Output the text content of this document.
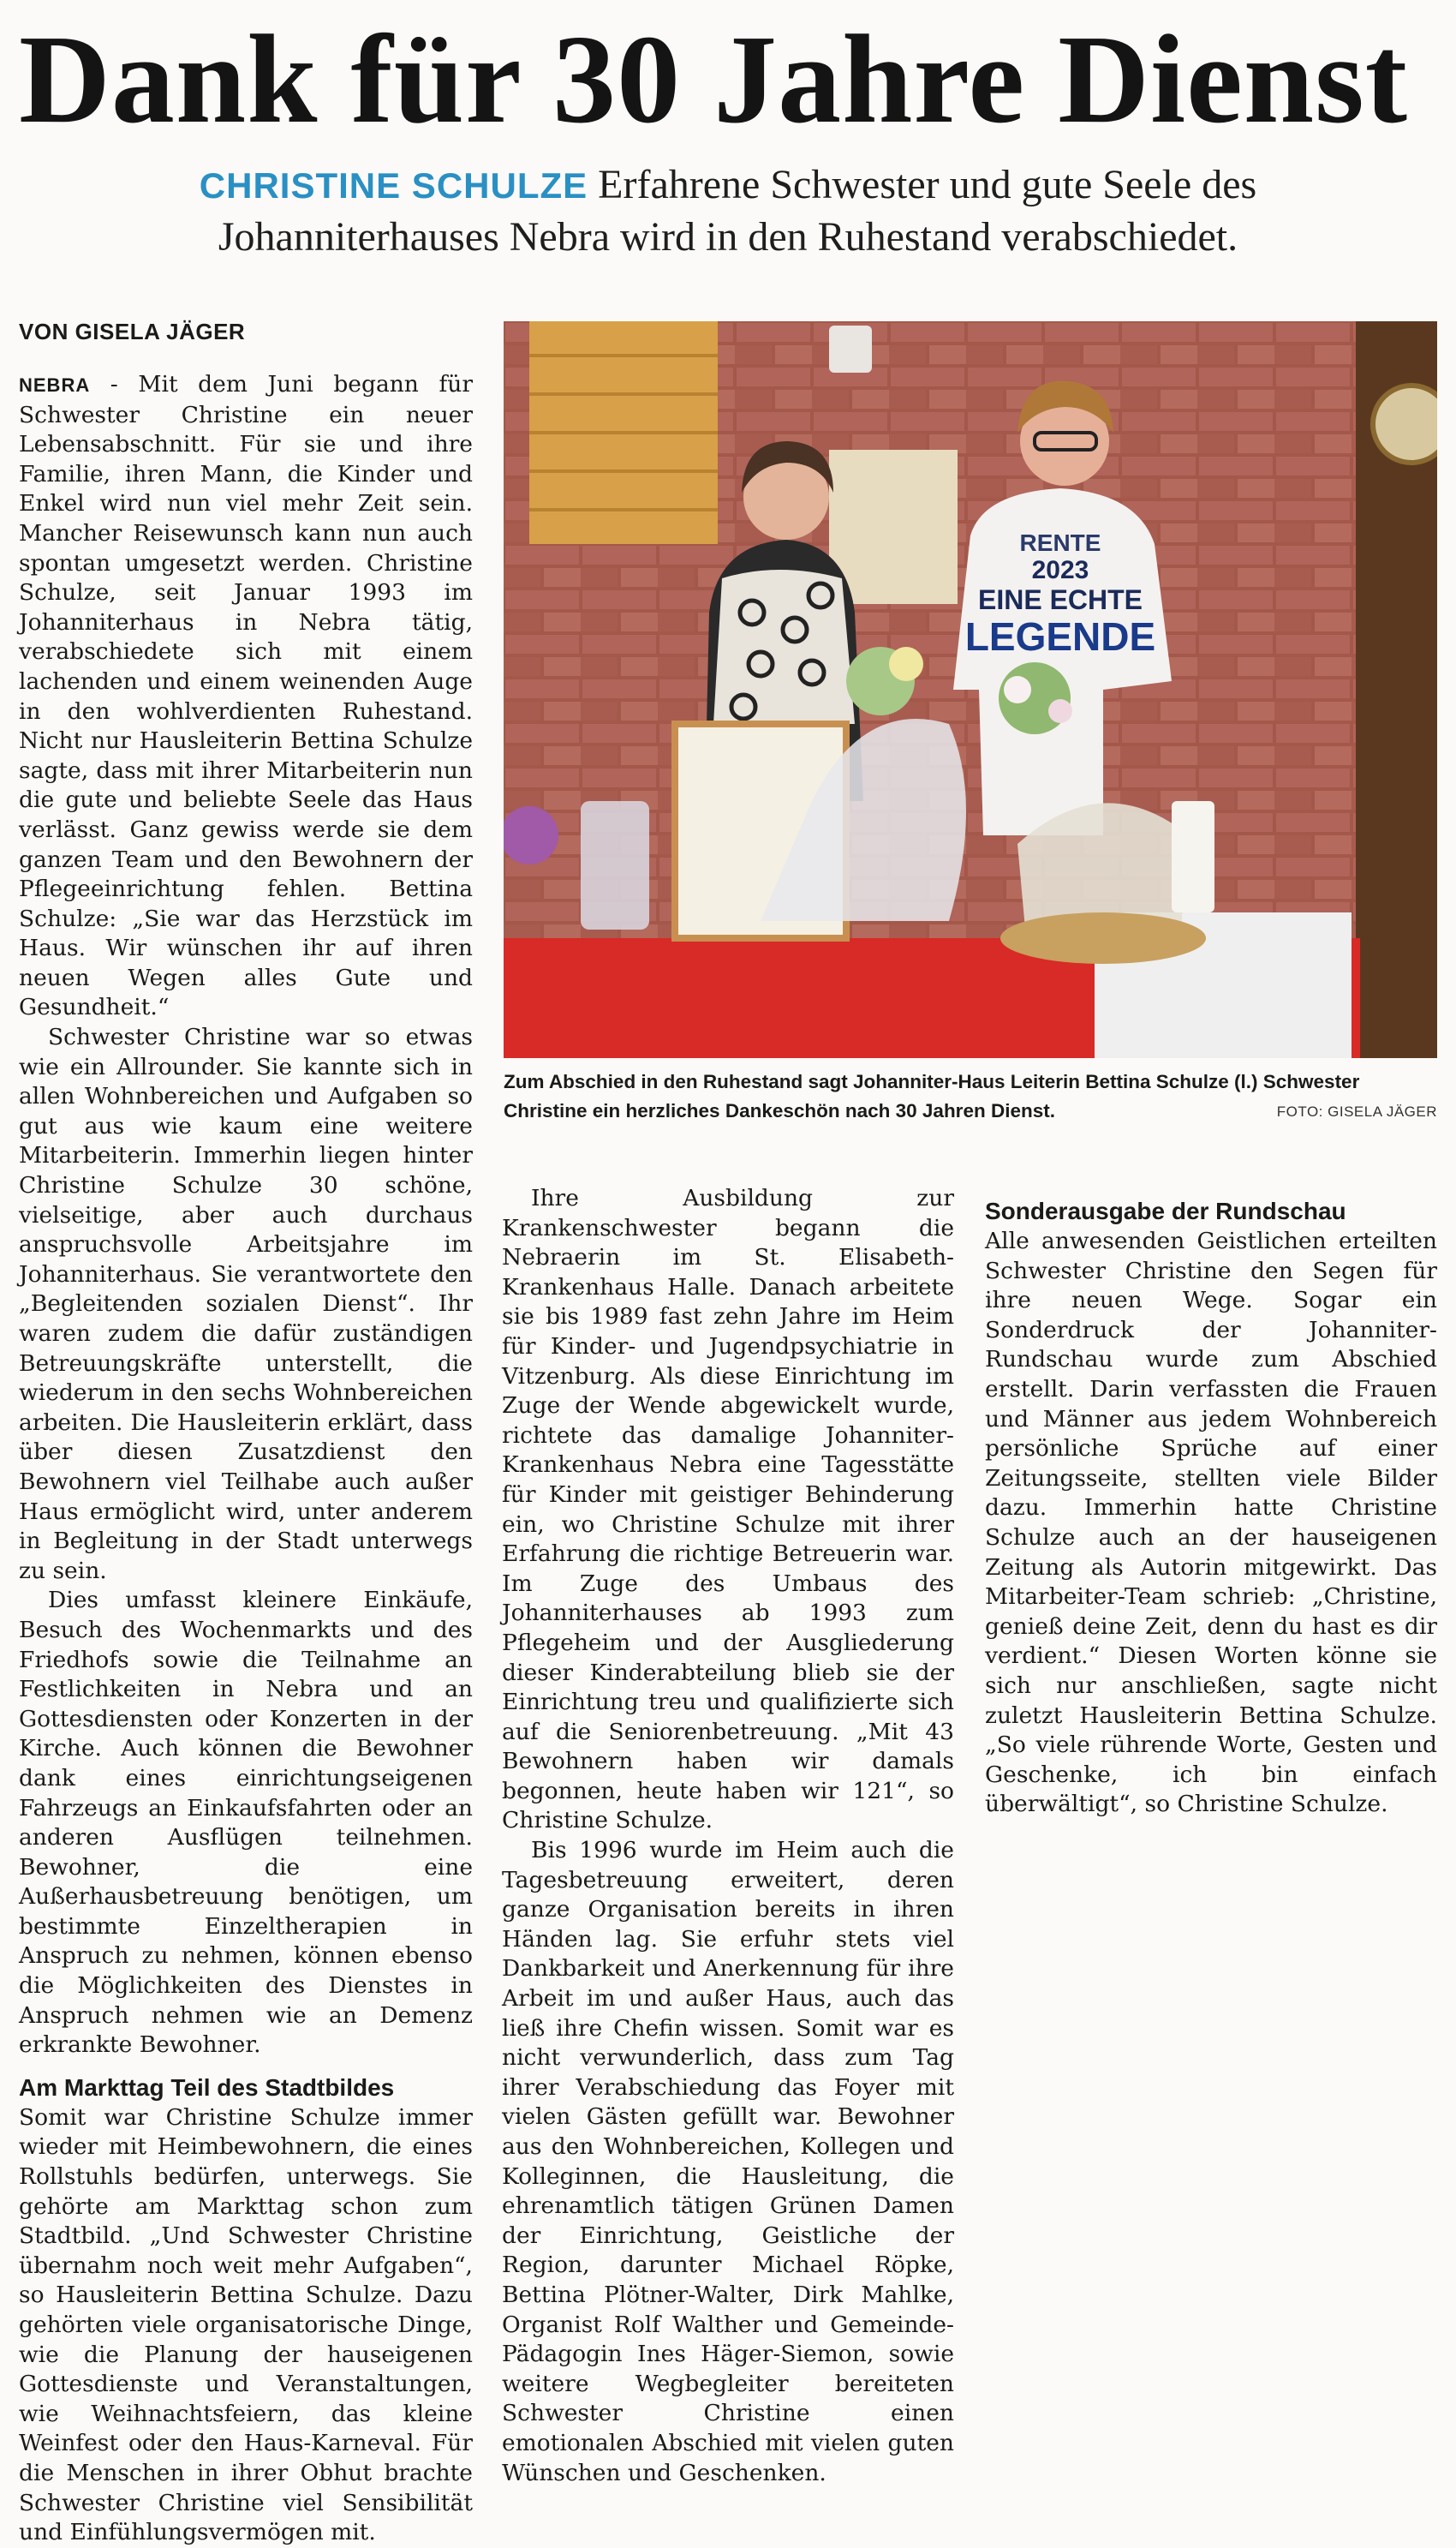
Dank für 30 Jahre Dienst
CHRISTINE SCHULZE Erfahrene Schwester und gute Seele des Johanniterhauses Nebra wird in den Ruhestand verabschiedet.
VON GISELA JÄGER

NEBRA - Mit dem Juni begann für Schwester Christine ein neuer Lebensabschnitt. Für sie und ihre Familie, ihren Mann, die Kinder und Enkel wird nun viel mehr Zeit sein. Mancher Reisewunsch kann nun auch spontan umgesetzt werden. Christine Schulze, seit Januar 1993 im Johanniterhaus in Nebra tätig, verabschiedete sich mit einem lachenden und einem weinenden Auge in den wohlverdienten Ruhestand. Nicht nur Hausleiterin Bettina Schulze sagte, dass mit ihrer Mitarbeiterin nun die gute und beliebte Seele das Haus verlässt. Ganz gewiss werde sie dem ganzen Team und den Bewohnern der Pflegeeinrichtung fehlen. Bettina Schulze: „Sie war das Herzstück im Haus. Wir wünschen ihr auf ihren neuen Wegen alles Gute und Gesundheit.“

Schwester Christine war so etwas wie ein Allrounder. Sie kannte sich in allen Wohnbereichen und Aufgaben so gut aus wie kaum eine weitere Mitarbeiterin. Immerhin liegen hinter Christine Schulze 30 schöne, vielseitige, aber auch durchaus anspruchsvolle Arbeitsjahre im Johanniterhaus. Sie verantwortete den „Begleitenden sozialen Dienst“. Ihr waren zudem die dafür zuständigen Betreuungskräfte unterstellt, die wiederum in den sechs Wohnbereichen arbeiten. Die Hausleiterin erklärt, dass über diesen Zusatzdienst den Bewohnern viel Teilhabe auch außer Haus ermöglicht wird, unter anderem in Begleitung in der Stadt unterwegs zu sein.

Dies umfasst kleinere Einkäufe, Besuch des Wochenmarkts und des Friedhofs sowie die Teilnahme an Festlichkeiten in Nebra und an Gottesdiensten oder Konzerten in der Kirche. Auch können die Bewohner dank eines einrichtungseigenen Fahrzeugs an Einkaufsfahrten oder an anderen Ausflügen teilnehmen. Bewohner, die eine Außerhausbetreuung benötigen, um bestimmte Einzeltherapien in Anspruch zu nehmen, können ebenso die Möglichkeiten des Dienstes in Anspruch nehmen wie an Demenz erkrankte Bewohner.

Am Markttag Teil des Stadtbildes

Somit war Christine Schulze immer wieder mit Heimbewohnern, die eines Rollstuhls bedürfen, unterwegs. Sie gehörte am Markttag schon zum Stadtbild. „Und Schwester Christine übernahm noch weit mehr Aufgaben“, so Hausleiterin Bettina Schulze. Dazu gehörten viele organisatorische Dinge, wie die Planung der hauseigenen Gottesdienste und Veranstaltungen, wie Weihnachtsfeiern, das kleine Weinfest oder den Haus-Karneval. Für die Menschen in ihrer Obhut brachte Schwester Christine viel Sensibilität und Einfühlungsvermögen mit.

Ihre Ausbildung zur Krankenschwester begann die Nebraerin im St. Elisabeth-Krankenhaus Halle. Danach arbeitete sie bis 1989 fast zehn Jahre im Heim für Kinder- und Jugendpsychiatrie in Vitzenburg. Als diese Einrichtung im Zuge der Wende abgewickelt wurde, richtete das damalige Johanniter-Krankenhaus Nebra eine Tagesstätte für Kinder mit geistiger Behinderung ein, wo Christine Schulze mit ihrer Erfahrung die richtige Betreuerin war. Im Zuge des Umbaus des Johanniterhauses ab 1993 zum Pflegeheim und der Ausgliederung dieser Kinderabteilung blieb sie der Einrichtung treu und qualifizierte sich auf die Seniorenbetreuung. „Mit 43 Bewohnern haben wir damals begonnen, heute haben wir 121“, so Christine Schulze.

Bis 1996 wurde im Heim auch die Tagesbetreuung erweitert, deren ganze Organisation bereits in ihren Händen lag. Sie erfuhr stets viel Dankbarkeit und Anerkennung für ihre Arbeit im und außer Haus, auch das ließ ihre Chefin wissen. Somit war es nicht verwunderlich, dass zum Tag ihrer Verabschiedung das Foyer mit vielen Gästen gefüllt war. Bewohner aus den Wohnbereichen, Kollegen und Kolleginnen, die Hausleitung, die ehrenamtlich tätigen Grünen Damen der Einrichtung, Geistliche der Region, darunter Michael Röpke, Bettina Plötner-Walter, Dirk Mahlke, Organist Rolf Walther und Gemeinde-Pädagogin Ines Häger-Siemon, sowie weitere Wegbegleiter bereiteten Schwester Christine einen emotionalen Abschied mit vielen guten Wünschen und Geschenken.

Sonderausgabe der Rundschau

Alle anwesenden Geistlichen erteilten Schwester Christine den Segen für ihre neuen Wege. Sogar ein Sonderdruck der Johanniter-Rundschau wurde zum Abschied erstellt. Darin verfassten die Frauen und Männer aus jedem Wohnbereich persönliche Sprüche auf einer Zeitungsseite, stellten viele Bilder dazu. Immerhin hatte Christine Schulze auch an der hauseigenen Zeitung als Autorin mitgewirkt. Das Mitarbeiter-Team schrieb: „Christine, genieß deine Zeit, denn du hast es dir verdient.“ Diesen Worten könne sie sich nur anschließen, sagte nicht zuletzt Hausleiterin Bettina Schulze. „So viele rührende Worte, Gesten und Geschenke, ich bin einfach überwältigt“, so Christine Schulze.

RENTE
2023
EINE ECHTE
LEGENDE
Zum Abschied in den Ruhestand sagt Johanniter-Haus Leiterin Bettina Schulze (l.) Schwester Christine ein herzliches Dankeschön nach 30 Jahren Dienst.	FOTO: GISELA JÄGER
